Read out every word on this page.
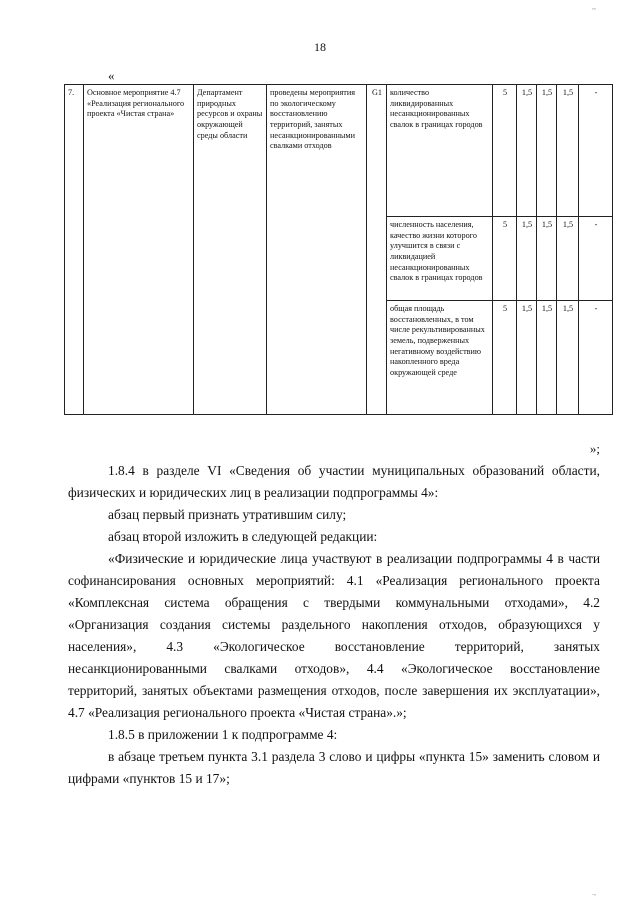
,,
18
«
7.	Основное мероприятие 4.7 «Реализация регионального проекта «Чистая страна»	Департамент природных ресурсов и охраны окружающей среды области	проведены мероприятия по экологическому восстановлению территорий, занятых несанкционированными свалками отходов	G1	количество ликвидированных несанкционированных свалок в границах городов	5	1,5	1,5	1,5	-
					численность населения, качество жизни которого улучшится в связи с ликвидацией несанкционированных свалок в границах городов	5	1,5	1,5	1,5	-
					общая площадь восстановленных, в том числе рекультивированных земель, подверженных негативному воздействию накопленного вреда окружающей среде	5	1,5	1,5	1,5	-
»;

1.8.4 в разделе VI «Сведения об участии муниципальных образований области, физических и юридических лиц в реализации подпрограммы 4»:

абзац первый признать утратившим силу;

абзац второй изложить в следующей редакции:

«Физические и юридические лица участвуют в реализации подпрограммы 4 в части софинансирования основных мероприятий: 4.1 «Реализация регионального проекта «Комплексная система обращения с твердыми коммунальными отходами», 4.2 «Организация создания системы раздельного накопления отходов, образующихся у населения», 4.3 «Экологическое восстановление территорий, занятых несанкционированными свалками отходов», 4.4 «Экологическое восстановление территорий, занятых объектами размещения отходов, после завершения их эксплуатации», 4.7 «Реализация регионального проекта «Чистая страна».»;

1.8.5 в приложении 1 к подпрограмме 4:

в абзаце третьем пункта 3.1 раздела 3 слово и цифры «пункта 15» заменить словом и цифрами «пунктов 15 и 17»;

.,
